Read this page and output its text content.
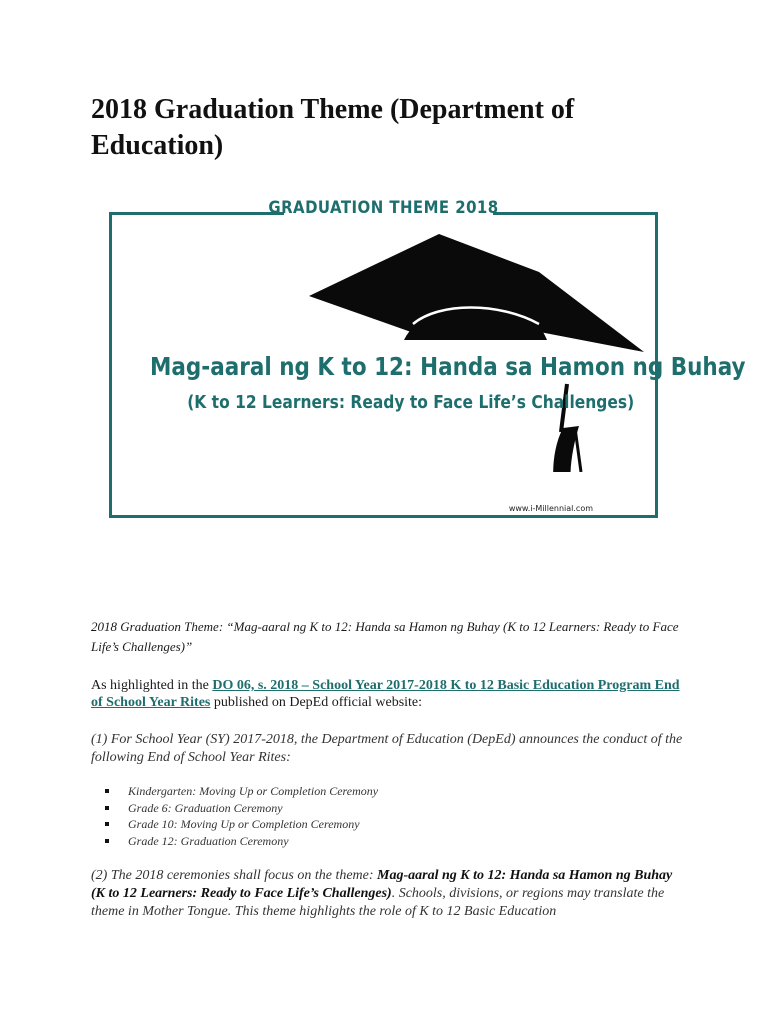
2018 Graduation Theme (Department of Education)
GRADUATION THEME 2018
Mag-aaral ng K to 12: Handa sa Hamon ng Buhay
(K to 12 Learners: Ready to Face Life’s Challenges)
www.i-Millennial.com

2018 Graduation Theme: “Mag-aaral ng K to 12: Handa sa Hamon ng Buhay (K to 12 Learners: Ready to Face Life’s Challenges)”

As highlighted in the DO 06, s. 2018 – School Year 2017-2018 K to 12 Basic Education Program End of School Year Rites published on DepEd official website:

(1) For School Year (SY) 2017-2018, the Department of Education (DepEd) announces the conduct of the following End of School Year Rites:

Kindergarten: Moving Up or Completion Ceremony
Grade 6: Graduation Ceremony
Grade 10: Moving Up or Completion Ceremony
Grade 12: Graduation Ceremony

(2) The 2018 ceremonies shall focus on the theme: Mag-aaral ng K to 12: Handa sa Hamon ng Buhay (K to 12 Learners: Ready to Face Life’s Challenges). Schools, divisions, or regions may translate the theme in Mother Tongue. This theme highlights the role of K to 12 Basic Education
